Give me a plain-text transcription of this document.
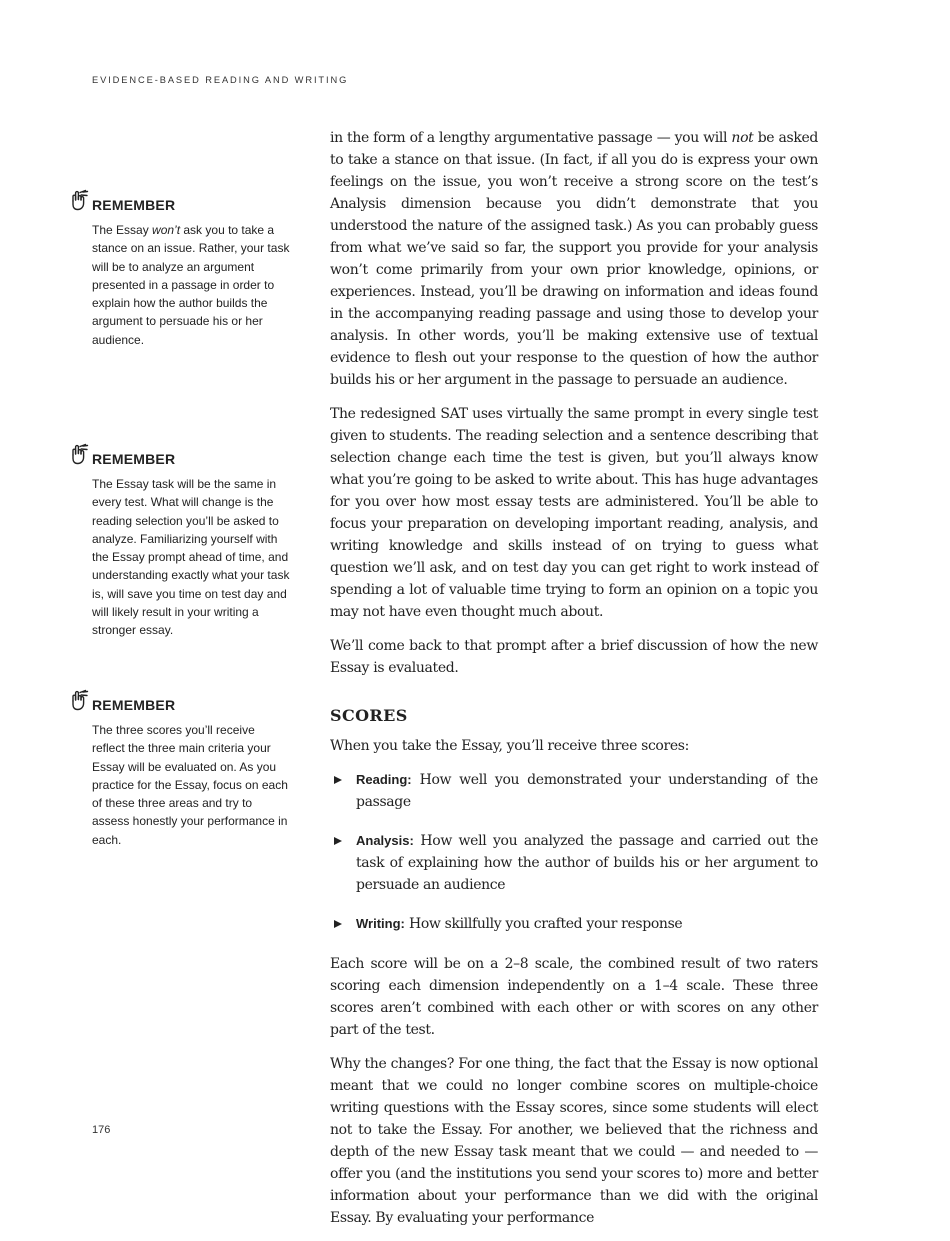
EVIDENCE-BASED READING AND WRITING
REMEMBER
The Essay won’t ask you to take a stance on an issue. Rather, your task will be to analyze an argument presented in a passage in order to explain how the author builds the argument to persuade his or her audience.
REMEMBER
The Essay task will be the same in every test. What will change is the reading selection you’ll be asked to analyze. Familiarizing yourself with the Essay prompt ahead of time, and understanding exactly what your task is, will save you time on test day and will likely result in your writing a stronger essay.
REMEMBER
The three scores you’ll receive reflect the three main criteria your Essay will be evaluated on. As you practice for the Essay, focus on each of these three areas and try to assess honestly your performance in each.

in the form of a lengthy argumentative passage — you will not be asked to take a stance on that issue. (In fact, if all you do is express your own feelings on the issue, you won’t receive a strong score on the test’s Analysis dimension because you didn’t demonstrate that you understood the nature of the assigned task.) As you can probably guess from what we’ve said so far, the support you provide for your analysis won’t come primarily from your own prior knowledge, opinions, or experiences. Instead, you’ll be drawing on information and ideas found in the accompanying reading passage and using those to develop your analysis. In other words, you’ll be making extensive use of textual evidence to flesh out your response to the question of how the author builds his or her argument in the passage to persuade an audience.

The redesigned SAT uses virtually the same prompt in every single test given to students. The reading selection and a sentence describing that selection change each time the test is given, but you’ll always know what you’re going to be asked to write about. This has huge advantages for you over how most essay tests are administered. You’ll be able to focus your preparation on developing important reading, analysis, and writing knowledge and skills instead of on trying to guess what question we’ll ask, and on test day you can get right to work instead of spending a lot of valuable time trying to form an opinion on a topic you may not have even thought much about.

We’ll come back to that prompt after a brief discussion of how the new Essay is evaluated.

SCORES

When you take the Essay, you’ll receive three scores:

Reading: How well you demonstrated your understanding of the passage
Analysis: How well you analyzed the passage and carried out the task of explaining how the author of builds his or her argument to persuade an audience
Writing: How skillfully you crafted your response

Each score will be on a 2–8 scale, the combined result of two raters scoring each dimension independently on a 1–4 scale. These three scores aren’t combined with each other or with scores on any other part of the test.

Why the changes? For one thing, the fact that the Essay is now optional meant that we could no longer combine scores on multiple-choice writing questions with the Essay scores, since some students will elect not to take the Essay. For another, we believed that the richness and depth of the new Essay task meant that we could — and needed to — offer you (and the institutions you send your scores to) more and better information about your performance than we did with the original Essay. By evaluating your performance

176
